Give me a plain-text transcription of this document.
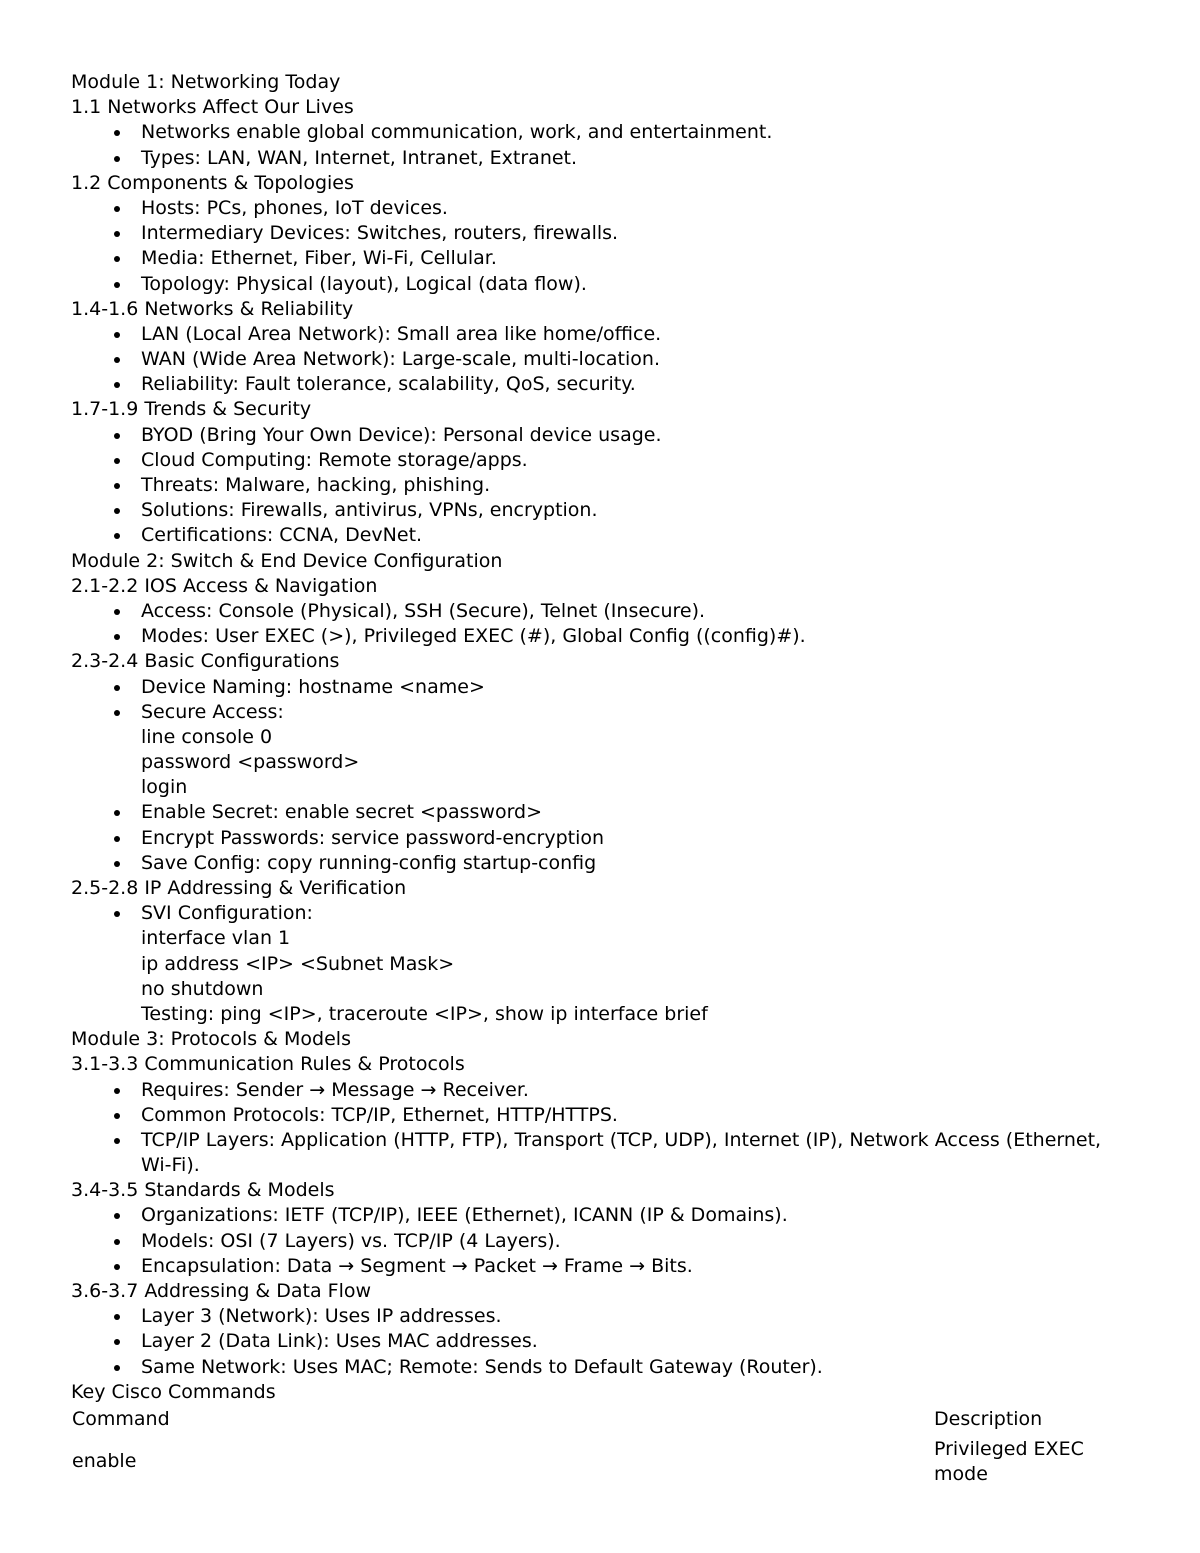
Module 1: Networking Today
1.1 Networks Affect Our Lives
Networks enable global communication, work, and entertainment.
Types: LAN, WAN, Internet, Intranet, Extranet.
1.2 Components & Topologies
Hosts: PCs, phones, IoT devices.
Intermediary Devices: Switches, routers, firewalls.
Media: Ethernet, Fiber, Wi-Fi, Cellular.
Topology: Physical (layout), Logical (data flow).
1.4-1.6 Networks & Reliability
LAN (Local Area Network): Small area like home/office.
WAN (Wide Area Network): Large-scale, multi-location.
Reliability: Fault tolerance, scalability, QoS, security.
1.7-1.9 Trends & Security
BYOD (Bring Your Own Device): Personal device usage.
Cloud Computing: Remote storage/apps.
Threats: Malware, hacking, phishing.
Solutions: Firewalls, antivirus, VPNs, encryption.
Certifications: CCNA, DevNet.
Module 2: Switch & End Device Configuration
2.1-2.2 IOS Access & Navigation
Access: Console (Physical), SSH (Secure), Telnet (Insecure).
Modes: User EXEC (>), Privileged EXEC (#), Global Config ((config)#).
2.3-2.4 Basic Configurations
Device Naming: hostname <name>
Secure Access:
line console 0
password <password>
login
Enable Secret: enable secret <password>
Encrypt Passwords: service password-encryption
Save Config: copy running-config startup-config
2.5-2.8 IP Addressing & Verification
SVI Configuration:
interface vlan 1
ip address <IP> <Subnet Mask>
no shutdown
Testing: ping <IP>, traceroute <IP>, show ip interface brief
Module 3: Protocols & Models
3.1-3.3 Communication Rules & Protocols
Requires: Sender → Message → Receiver.
Common Protocols: TCP/IP, Ethernet, HTTP/HTTPS.
TCP/IP Layers: Application (HTTP, FTP), Transport (TCP, UDP), Internet (IP), Network Access (Ethernet, Wi-Fi).
3.4-3.5 Standards & Models
Organizations: IETF (TCP/IP), IEEE (Ethernet), ICANN (IP & Domains).
Models: OSI (7 Layers) vs. TCP/IP (4 Layers).
Encapsulation: Data → Segment → Packet → Frame → Bits.
3.6-3.7 Addressing & Data Flow
Layer 3 (Network): Uses IP addresses.
Layer 2 (Data Link): Uses MAC addresses.
Same Network: Uses MAC; Remote: Sends to Default Gateway (Router).
Key Cisco Commands
Command	Description
enable
Privileged EXEC mode
